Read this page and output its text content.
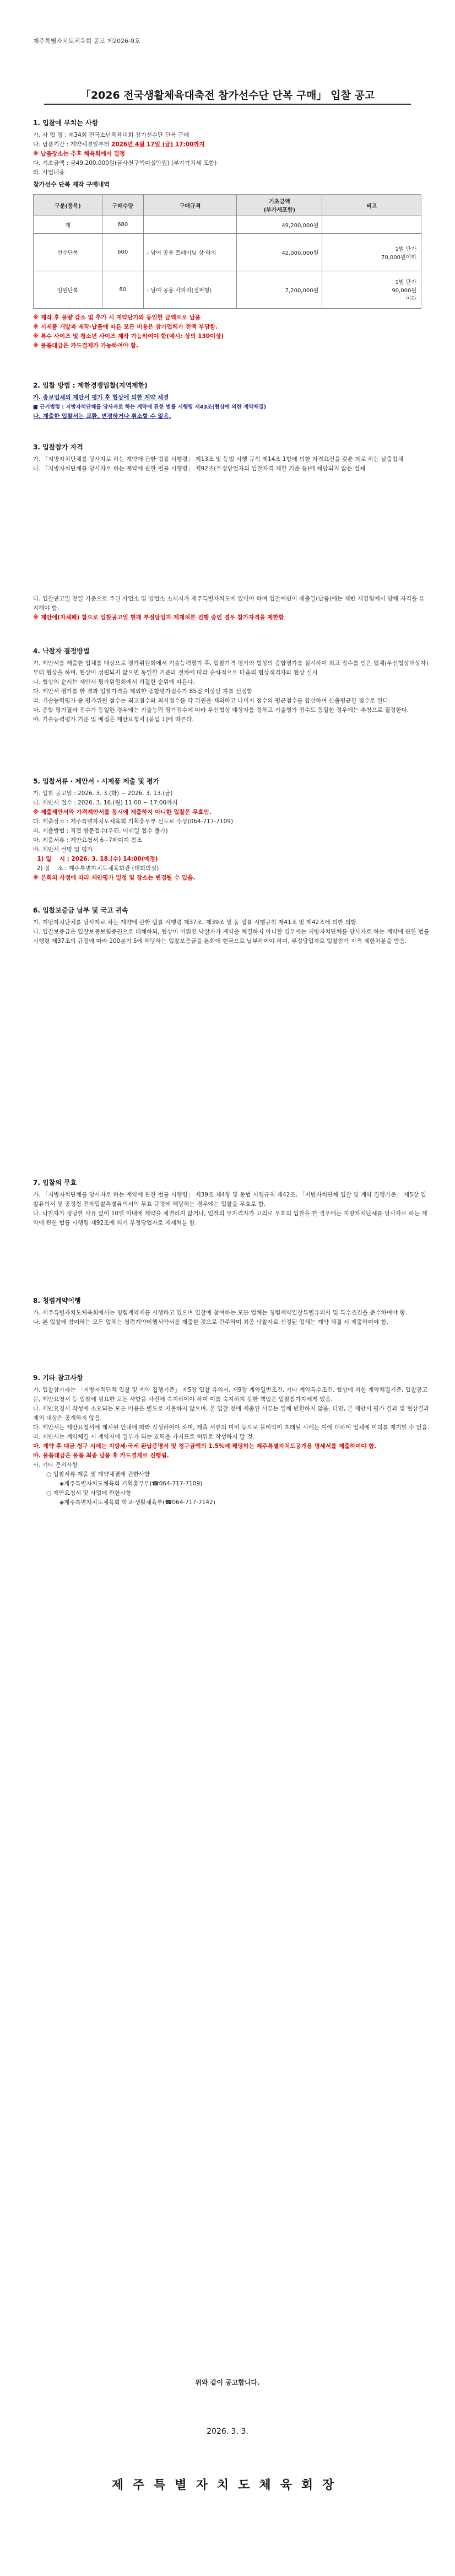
제주특별자치도체육회 공고 제2026-9호
「2026 전국생활체육대축전 참가선수단 단복 구매」 입찰 공고
1. 입찰에 부치는 사항
가. 사 업 명 : 제34회 전국소년체육대회 참가선수단 단복 구매
나. 납품기간 : 계약체결일부터 2026년 4월 17일 (금) 17:00까지
※ 납품장소는 추후 체육회에서 결정
다. 기초금액 : 금49,200,000원(금사천구백이십만원) (부가가치세 포함)
라. 사업내용
참가선수 단복 제작 구매내역
구분(품목)	구매수량	구매규격	기초금액
(부가세포함)	비고
계	680		49,200,000원	
선수단복	600	- 남여 공용 트레이닝 상·하의	42,000,000원	1벌 단가
70,000원이하
임원단복	80	- 남여 공용 사파리(점퍼형)	7,200,000원	1벌 단가
90,000원
이하
※ 제작 후 물량 감소 및 추가 시 계약단가와 동일한 금액으로 납품
※ 시제품 개발과 제작·납품에 따른 모든 비용은 참가업체가 전액 부담함.
※ 특수 사이즈 및 청소년 사이즈 제작 가능하여야 함(예시: 상의 130이상)
※ 물품대금은 카드결제가 가능하여야 함.
2. 입찰 방법 : 제한경쟁입찰(지역제한)
가. 총보업체의 제안서 평가 후 협상에 의한 계약 체결
■ 근거법령 : 지방자치단체를 당사자로 하는 계약에 관한 법률 시행령 제43조(협상에 의한 계약체결)
나. 계출한 입찰서는 교환, 변경하거나 취소할 수 없음.
3. 입찰참가 자격
가. 「지방자치단체를 당사자로 하는 계약에 관한 법률 시행령」 제13조 및 동법 시행 규칙 제14조 1항에 의한 자격요건을 갖춘 자로 하는 날출업체
나. 「지방자치단체를 당사자로 하는 계약에 관한 법률 시행령」 제92조(부정당업자의 입찰자격 제한 기준 등)에 해당되지 않는 업체
다. 입찰공고일 전일 기준으로 주된 사업소 및 영업소 소재지가 제주특별자치도에 있어야 하며 입찰예인이 제출일(납품)에는 제반 제경험에서 당해 자격을 유지해야 함.
※ 제안에(자체폐) 참으로 입찰공고일 현재 부정당업자 제재처분 진행 중인 경우 참가자격을 제한함
4. 낙찰자 결정방법
가. 제안서를 제출한 업체를 대상으로 평가위원회에서 기술능력평가 후, 입찰가격 평가와 협상의 종합평가를 실시하여 최고 점수를 얻은 업체(우선협상대상자)부터 협상을 하며, 협상이 성립되지 않으면 동일한 기준과 절차에 따라 순차적으로 다음의 협상적격자와 협상 실시
나. 협상의 순서는 제안서 평가위원회에서 의결한 순위에 따른다.
다. 제안서 평가를 한 결과 입찰가격을 제외한 종합평가점수가 85점 이상인 자를 선정함
라. 기술능력평가 중 평가위원 점수는 최고점수와 최저점수를 각 위원을 제외하고 나머지 점수의 평균점수를 합산하여 산출평균한 점수로 한다.
마. 종합 평가결과 점수가 동일한 경우에는 기술능력 평가점수에 따라 우선협상 대상자를 정하고 기술평가 점수도 동일한 경우에는 추첨으로 결정한다.
바. 기술능력평가 기준 및 배점은 제안요청서 [붙임 1]에 따른다.
5. 입찰서류 · 제안서 · 시제품 제출 및 평가
가. 입찰 공고일 : 2026. 3. 3.(화) ~ 2026. 3. 13.(금)
나. 제안서 접수 : 2026. 3. 16.(월) 11:00 ~ 17:00까지
※ 제출제안서와 가격제안서를 동시에 제출하지 아니한 입찰은 무효임.
다. 제출장소 : 제주특별자치도체육회 기획총무부 신도로 수상(064-717-7109)
라. 제출방법 : 직접 방문접수(우편, 이메일 접수 불가)
마. 제출서류 : 제안요청서 6~7페이지 참조
바. 제안서 설명 및 평가
1) 일    시 : 2026. 3. 18.(수) 14:00(예정)
2) 장    소 : 제주특별자치도체육회관 (대회의실)
※ 본회의 사정에 따라 제안평가 일정 및 장소는 변경될 수 있음.
6. 입찰보증금 납부 및 국고 귀속
가. 지방자치단체를 당사자로 하는 계약에 관한 법률 시행령 제37조, 제39조 및 동 법률 시행규칙 제41조 및 제42조에 의한 의함.
나. 입찰보증금은 입찰보증보험증권으로 대체하되, 협상이 이뤄진 낙찰자가 계약을 체결하지 아니할 경우에는 지방자치단체를 당사자로 하는 계약에 관한 법률 시행령 제37조의 규정에 따라 100분의 5에 해당하는 입찰보증금을 본회에 현금으로 납부하여야 하며, 부정당업자로 입찰참가 자격 제한처분을 받음.
7. 입찰의 무효
가. 「지방자치단체를 당사자로 하는 계약에 관한 법률 시행령」 제39조 제4항 및 동법 시행규칙 제42조, 「지방자치단체 입찰 및 계약 집행기준」 제5장 입찰유의서 및 공정청 전자입찰특별유의서의 무효 규정에 해당하는 경우에는 입찰을 무효로 함.
나. 낙찰자가 정당한 사유 없이 10일 이내에 계약을 체결하지 않거나, 입찰의 무자격자가 고의로 무효의 입찰을 한 경우에는 지방자치단체를 당사자로 하는 계약에 관한 법률 시행령 제92조에 의거 부정당업자로 제재처분 함.
8. 청렴계약이행
가. 제주특별자치도체육회에서는 청렴계약제를 시행하고 있으며 입찰에 참여하는 모든 업체는 청렴계약입찰특별유의서 및 특수조건을 준수하여야 함.
나. 본 입찰에 참여하는 모든 업체는 청렴계약이행서약서를 제출한 것으로 간주하며 최종 낙찰자로 선정된 업체는 계약 체결 시 제출하여야 함.
9. 기타 참고사항
가. 입찰참가자는 「지방자치단체 입찰 및 계약 집행기준」 제5장 입찰 유의서, 제9장 계약일반조건, 기타 계약특수조건, 협상에 의한 계약체결기준, 입찰공고문, 제안요청서 등 입찰에 필요한 모든 사항을 사전에 숙지하여야 하며 이를 숙지하지 못한 책임은 입찰참가자에게 있음.
나. 제안요청서 작성에 소요되는 모든 비용은 별도로 지불하지 않으며, 본 입찰 전에 제출된 서류는 일체 반환하지 않음. 다만, 본 제안서 평가 결과 및 협상결과 제외 대상은 공개하지 않음.
다. 제안서는 제안요청서에 제시된 안내에 따라 작성하여야 하며, 제출 서류의 미비 등으로 불이익이 초래될 시에는 이에 대하여 업체에 이의를 제기할 수 없음.
라. 제안서는 계약체결 시 계약서에 일부가 되는 효력을 가지므로 허위로 작성하지 말 것.
마. 계약 후 대금 청구 시에는 지방세·국세 완납증명서 및 청구금액의 1.5%에 해당하는 제주특별자치도공개용 명세서를 제출하여야 함.
바. 물품대금은 물품 최종 납품 후 카드결제로 진행됨.
사. 기타 문의사항
○ 입찰서류 제출 및 계약체결에 관한사항
◈제주특별자치도체육회 기획총무부(☎064-717-7109)
○ 제안요청서 및 사업에 관한사항
◈제주특별자치도체육회 학교·생활체육부(☎064-717-7142)
위와 같이 공고합니다.
2026. 3. 3.
제주특별자치도체육회장
